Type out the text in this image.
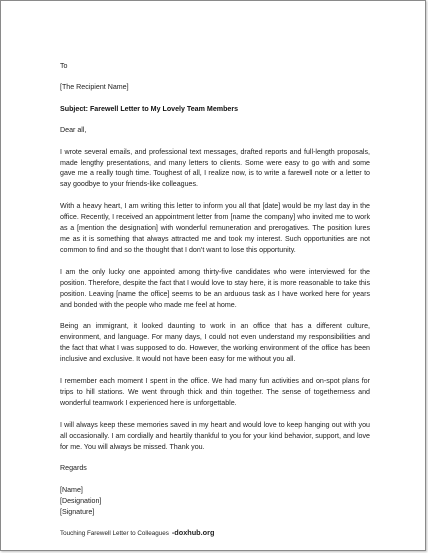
To

[The Recipient Name]

Subject: Farewell Letter to My Lovely Team Members

Dear all,

I wrote several emails, and professional text messages, drafted reports and full-length proposals, made lengthy presentations, and many letters to clients. Some were easy to go with and some gave me a really tough time. Toughest of all, I realize now, is to write a farewell note or a letter to say goodbye to your friends-like colleagues.

With a heavy heart, I am writing this letter to inform you all that [date] would be my last day in the office. Recently, I received an appointment letter from [name the company] who invited me to work as a [mention the designation] with wonderful remuneration and prerogatives. The position lures me as it is something that always attracted me and took my interest. Such opportunities are not common to find and so the thought that I don’t want to lose this opportunity.

I am the only lucky one appointed among thirty-five candidates who were interviewed for the position. Therefore, despite the fact that I would love to stay here, it is more reasonable to take this position. Leaving [name the office] seems to be an arduous task as I have worked here for years and bonded with the people who made me feel at home.

Being an immigrant, it looked daunting to work in an office that has a different culture, environment, and language. For many days, I could not even understand my responsibilities and the fact that what I was supposed to do. However, the working environment of the office has been inclusive and exclusive. It would not have been easy for me without you all.

I remember each moment I spent in the office. We had many fun activities and on-spot plans for trips to hill stations. We went through thick and thin together. The sense of togetherness and wonderful teamwork I experienced here is unforgettable.

I will always keep these memories saved in my heart and would love to keep hanging out with you all occasionally. I am cordially and heartily thankful to you for your kind behavior, support, and love for me. You will always be missed. Thank you.

Regards

[Name]

[Designation]

[Signature]

Touching Farewell Letter to Colleagues -doxhub.org
